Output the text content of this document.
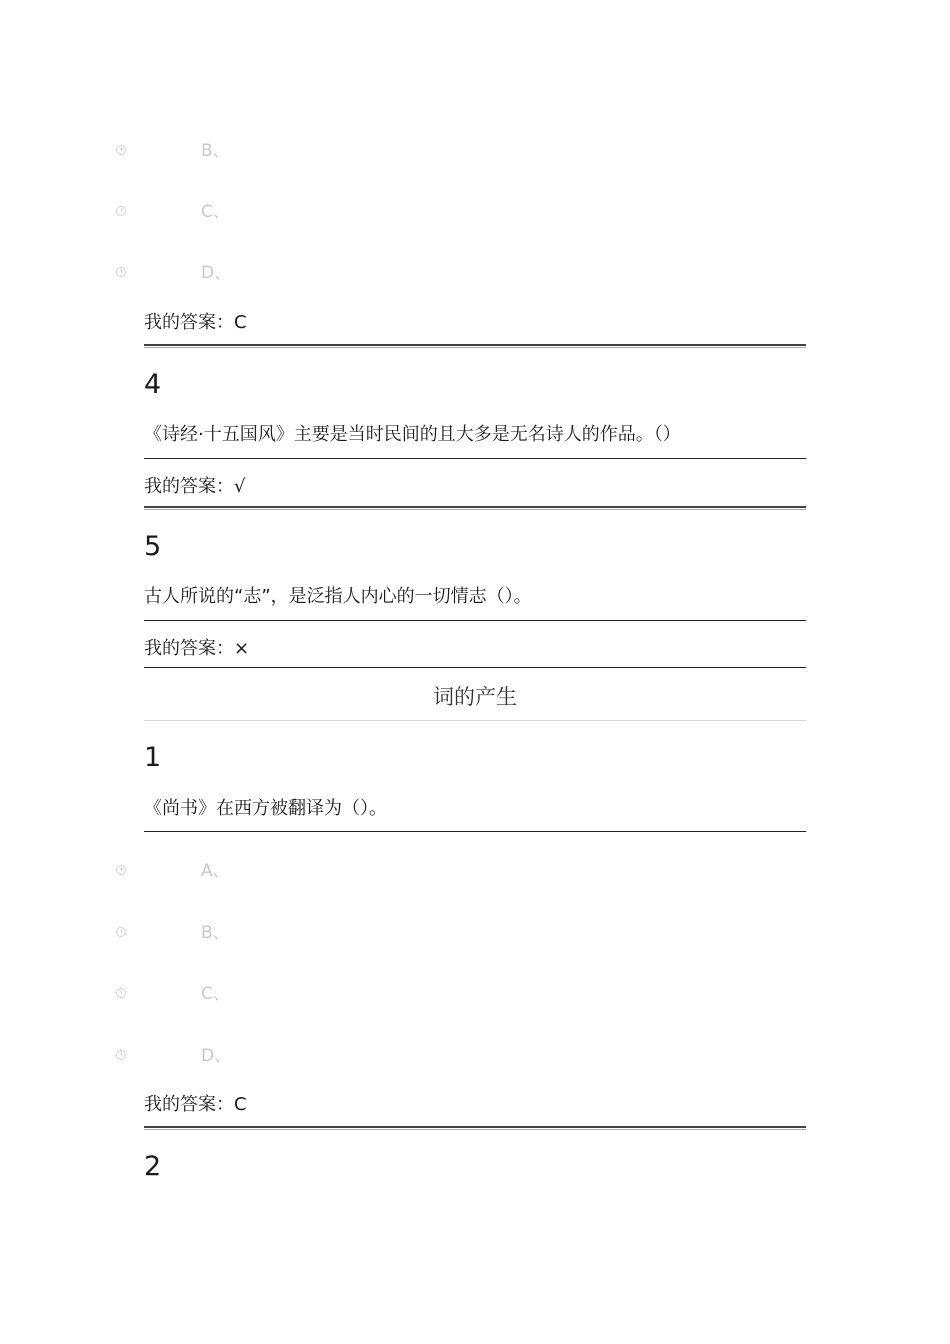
B、
C、
D、
我的答案：C
4
《诗经·十五国风》主要是当时民间的且大多是无名诗人的作品。（）
我的答案：√
5
古人所说的“志”，是泛指人内心的一切情志（）。
我的答案：×
词的产生
1
《尚书》在西方被翻译为（）。
A、
B、
C、
D、
我的答案：C
2
